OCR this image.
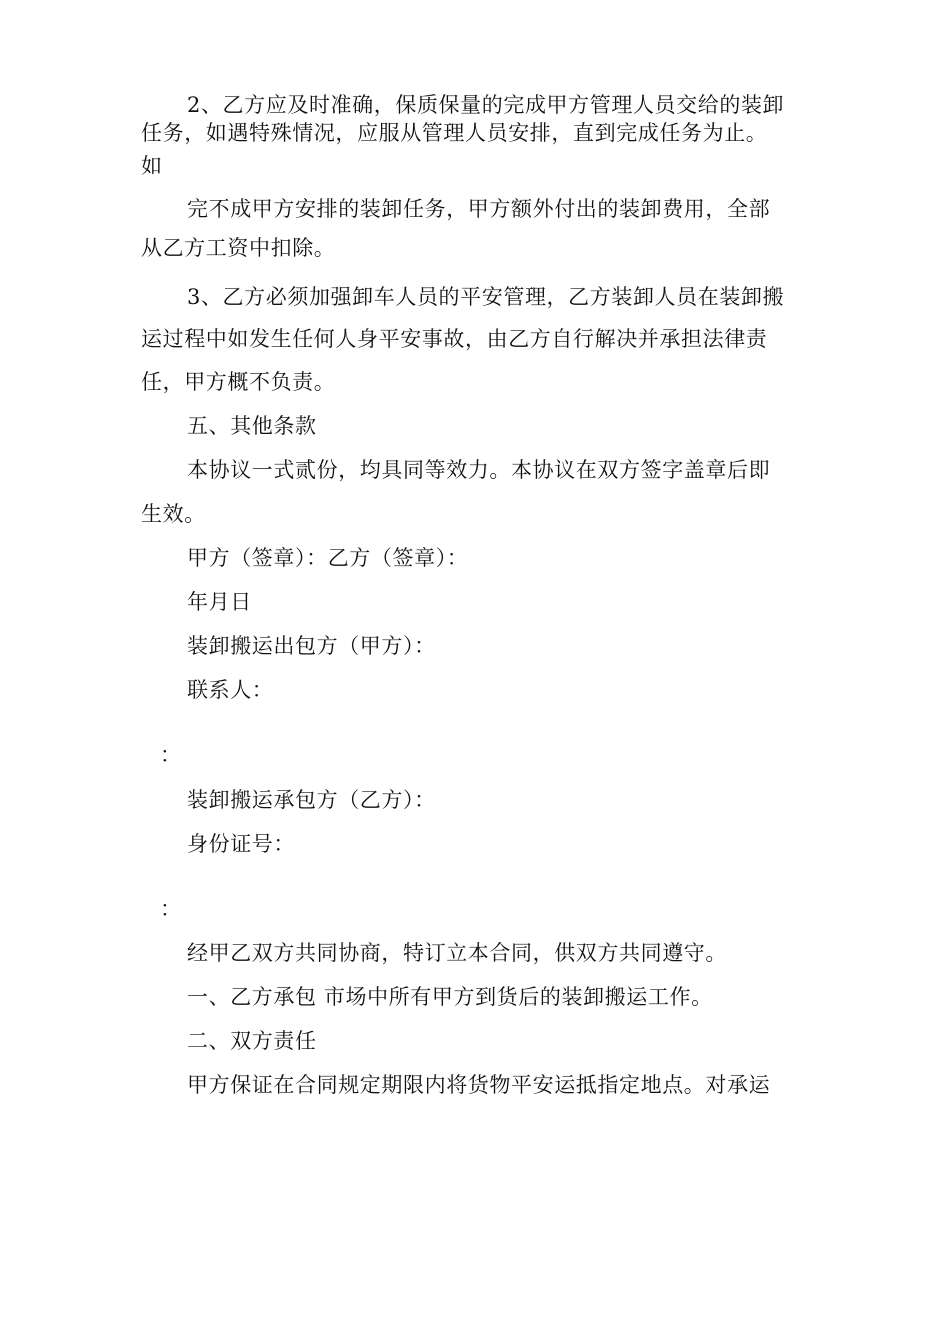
2、乙方应及时准确，保质保量的完成甲方管理人员交给的装卸
任务，如遇特殊情况，应服从管理人员安排，直到完成任务为止。
如
完不成甲方安排的装卸任务，甲方额外付出的装卸费用，全部
从乙方工资中扣除。
3、乙方必须加强卸车人员的平安管理，乙方装卸人员在装卸搬
运过程中如发生任何人身平安事故，由乙方自行解决并承担法律责
任，甲方概不负责。
五、其他条款
本协议一式贰份，均具同等效力。本协议在双方签字盖章后即
生效。
甲方（签章）：乙方（签章）：
年月日
装卸搬运出包方（甲方）：
联系人：
：
装卸搬运承包方（乙方）：
身份证号：
：
经甲乙双方共同协商，特订立本合同，供双方共同遵守。
一、乙方承包 市场中所有甲方到货后的装卸搬运工作。
二、双方责任
甲方保证在合同规定期限内将货物平安运抵指定地点。对承运
